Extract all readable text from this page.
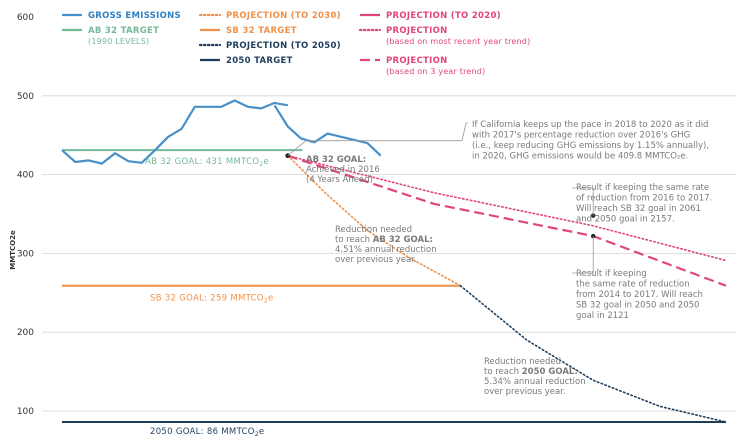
100
200
300
400
500
600
MMTCO2e
GROSS EMISSIONS
AB 32 TARGET
(1990 LEVELS)
PROJECTION (TO 2030)
SB 32 TARGET
PROJECTION (TO 2050)
2050 TARGET
PROJECTION (TO 2020)
PROJECTION
(based on most recent year trend)
PROJECTION
(based on 3 year trend)
AB 32 GOAL: 431 $MMTCO_2e$
SB 32 GOAL: 259 $MMTCO_2e$
2050 GOAL: 86 $MMTCO_2e$
AB 32 GOAL:
Achieved in 2016
(4 Years Ahead)
Reduction needed
to reach AB 32 GOAL:
4.51% annual reduction
over previous year.
Reduction needed
to reach 2050 GOAL:
5.34% annual reduction
over previous year.
If California keeps up the pace in 2018 to 2020 as it did
with 2017's percentage reduction over 2016's GHG
(i.e., keep reducing GHG emissions by 1.15% annually),
in 2020, GHG emissions would be 409.8 MMTCO₂e.
Result if keeping the same rate
of reduction from 2016 to 2017.
Will reach SB 32 goal in 2061
and 2050 goal in 2157.
Result if keeping
the same rate of reduction
from 2014 to 2017. Will reach
SB 32 goal in 2050 and 2050
goal in 2121
